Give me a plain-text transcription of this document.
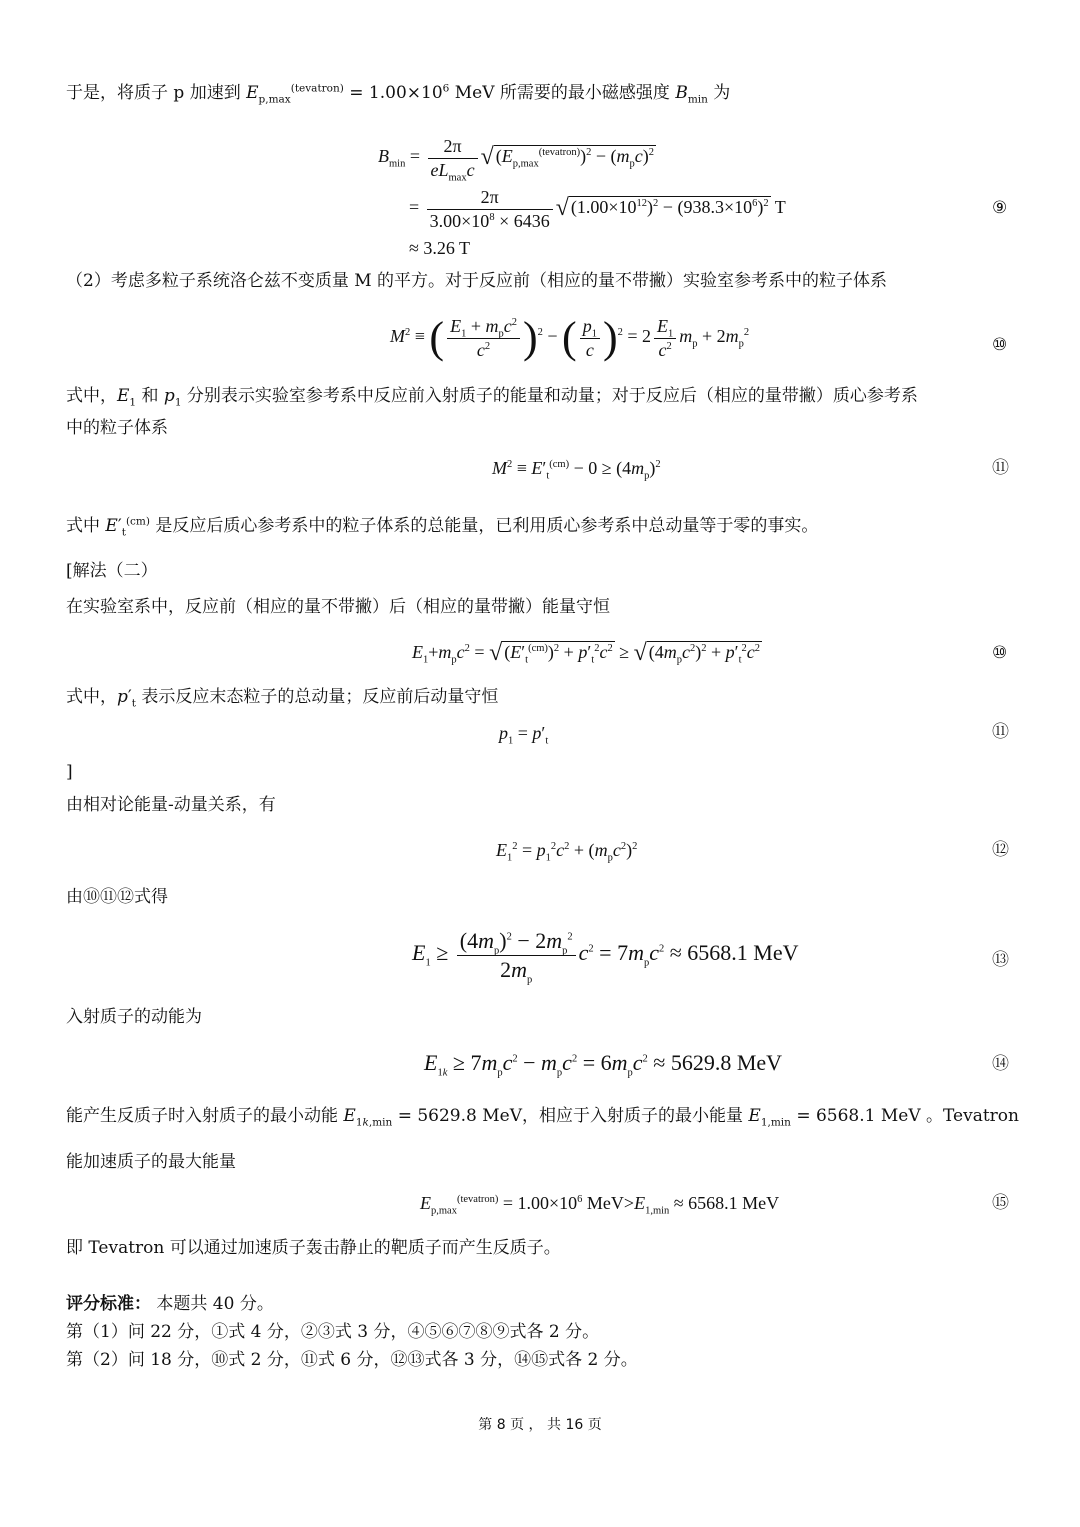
于是，将质子 p 加速到 $E_{p,max}^{(tevatron)} = 1.00\times 10^6$ MeV 所需要的最小磁感强度 $B_{min}$ 为
$B_{min} = \frac{2\pi}{eL_{max}c}$ √ $(E_{p,max}^{(tevatron)})^2 - (m_pc)^2$
= $\frac{2\pi}{3.00\times 10^8 \times 6436}$ √ $(1.00\times 10^{12})^2 - (938.3\times 10^6)^2$ T
≈ 3.26 T
⑨
（2）考虑多粒子系统洛仑兹不变质量 M 的平方。对于反应前（相应的量不带撇）实验室参考系中的粒子体系
$M^2$ ≡ ( $\frac{E_1 + m_pc^2}{c^2} )^2$ − ( $\frac{p_1}{c} )^2 = 2 \frac{E_1}{c^2} m_p + 2m_p^2$
⑩
式中，$E_1$ 和 $p_1$ 分别表示实验室参考系中反应前入射质子的能量和动量；对于反应后（相应的量带撇）质心参考系
中的粒子体系
$M^2 \equiv E'_t^{(cm)} - 0 \ge (4m_p)^2$	⑪
式中 $E'_t^{(cm)}$ 是反应后质心参考系中的粒子体系的总能量，已利用质心参考系中总动量等于零的事实。
[解法（二）
在实验室系中，反应前（相应的量不带撇）后（相应的量带撇）能量守恒
$E_1+m_pc^2$ = √ $(E'_t^{(cm)})^2 + p'_t^2c^2$ ≥ √ $(4m_pc^2)^2 + p'_t^2c^2$	⑩
式中，$p'_t$ 表示反应末态粒子的总动量；反应前后动量守恒
$p_1 = p'_t$	⑪
]
由相对论能量-动量关系，有
$E_1^2 = p_1^2c^2 + (m_pc^2)^2$	⑫
由⑩⑪⑫式得
$E_1 \ge \frac{(4m_p)^2 - 2m_p^2}{2m_p} c^2 = 7m_pc^2 \approx 6568.1$ MeV	⑬
入射质子的动能为
$E_{1k} \ge 7m_pc^2 - m_pc^2 = 6m_pc^2 \approx 5629.8$ MeV	⑭
能产生反质子时入射质子的最小动能 $E_{1k,min} = 5629.8$ MeV，相应于入射质子的最小能量 $E_{1,min} = 6568.1$ MeV 。Tevatron
能加速质子的最大能量
$E_{p,max}^{(tevatron)} = 1.00\times 10^6$ $MeV>E_{1,min} \approx 6568.1$ MeV	⑮
即 Tevatron 可以通过加速质子轰击静止的靶质子而产生反质子。
评分标准： 本题共 40 分。
第（1）问 22 分，①式 4 分，②③式 3 分，④⑤⑥⑦⑧⑨式各 2 分。
第（2）问 18 分，⑩式 2 分，⑪式 6 分，⑫⑬式各 3 分，⑭⑮式各 2 分。
第 8 页 ， 共 16 页
